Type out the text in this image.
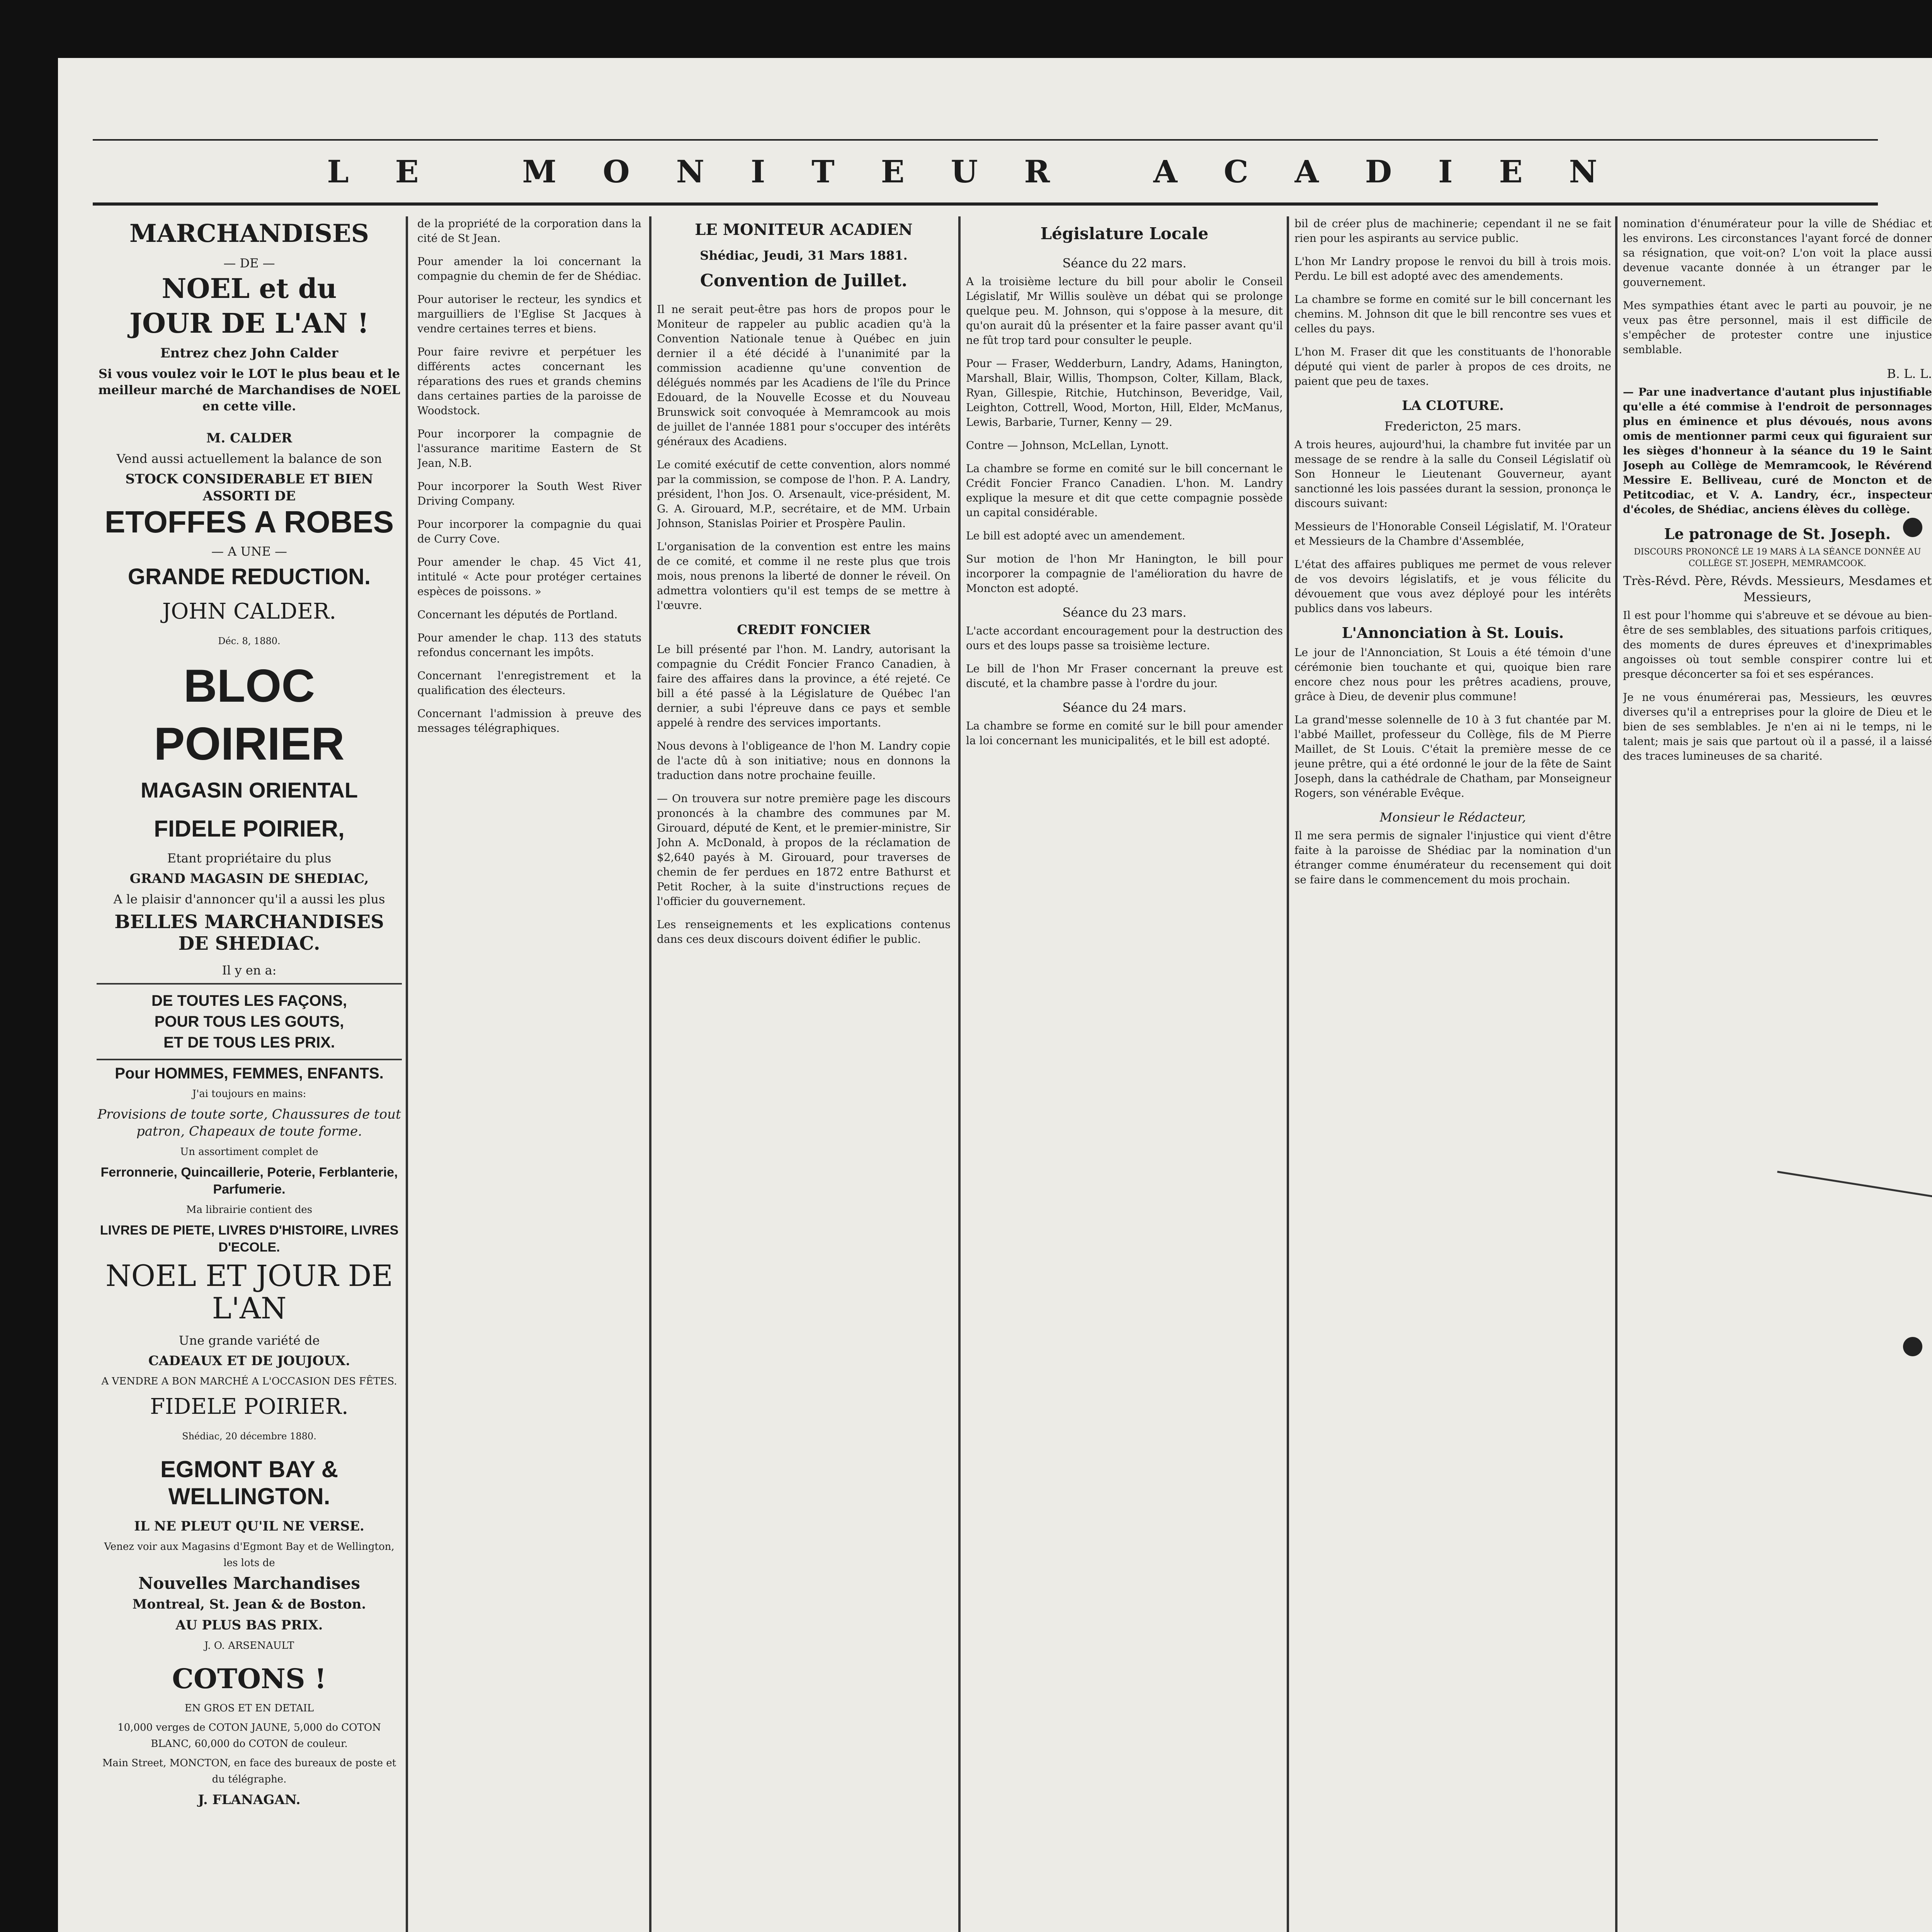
LE MONITEUR ACADIEN
MARCHANDISES
— DE —
NOEL et du
JOUR DE L'AN !
Entrez chez John Calder
Si vous voulez voir le LOT le plus beau et le meilleur marché de Marchandises de NOEL en cette ville.
M. CALDER
Vend aussi actuellement la balance de son
STOCK CONSIDERABLE ET BIEN ASSORTI DE
ETOFFES A ROBES
— A UNE —
GRANDE REDUCTION.
JOHN CALDER.
Déc. 8, 1880.
BLOC
POIRIER
MAGASIN ORIENTAL
FIDELE POIRIER,
Etant propriétaire du plus
GRAND MAGASIN DE SHEDIAC,
A le plaisir d'annoncer qu'il a aussi les plus
BELLES MARCHANDISES DE SHEDIAC.
Il y en a:
DE TOUTES LES FAÇONS,
POUR TOUS LES GOUTS,
ET DE TOUS LES PRIX.
Pour HOMMES, FEMMES, ENFANTS.
J'ai toujours en mains:
Provisions de toute sorte, Chaussures de tout patron, Chapeaux de toute forme.
Un assortiment complet de
Ferronnerie, Quincaillerie, Poterie, Ferblanterie, Parfumerie.
Ma librairie contient des
LIVRES DE PIETE, LIVRES D'HISTOIRE, LIVRES D'ECOLE.
NOEL ET JOUR DE L'AN
Une grande variété de
CADEAUX ET DE JOUJOUX.
A VENDRE A BON MARCHÉ A L'OCCASION DES FÊTES.
FIDELE POIRIER.
Shédiac, 20 décembre 1880.
EGMONT BAY & WELLINGTON.
IL NE PLEUT QU'IL NE VERSE.
Venez voir aux Magasins d'Egmont Bay et de Wellington, les lots de
Nouvelles Marchandises
Montreal, St. Jean & de Boston.
AU PLUS BAS PRIX.
J. O. ARSENAULT
COTONS !
EN GROS ET EN DETAIL
10,000 verges de COTON JAUNE, 5,000 do COTON BLANC, 60,000 do COTON de couleur.
Main Street, MONCTON, en face des bureaux de poste et du télégraphe.
J. FLANAGAN.

de la propriété de la corporation dans la cité de St Jean.

Pour amender la loi concernant la compagnie du chemin de fer de Shédiac.

Pour autoriser le recteur, les syndics et marguilliers de l'Eglise St Jacques à vendre certaines terres et biens.

Pour faire revivre et perpétuer les différents actes concernant les réparations des rues et grands chemins dans certaines parties de la paroisse de Woodstock.

Pour incorporer la compagnie de l'assurance maritime Eastern de St Jean, N.B.

Pour incorporer la South West River Driving Company.

Pour incorporer la compagnie du quai de Curry Cove.

Pour amender le chap. 45 Vict 41, intitulé « Acte pour protéger certaines espèces de poissons. »

Concernant les députés de Portland.

Pour amender le chap. 113 des statuts refondus concernant les impôts.

Concernant l'enregistrement et la qualification des électeurs.

Concernant l'admission à preuve des messages télégraphiques.

LE MONITEUR ACADIEN
Shédiac, Jeudi, 31 Mars 1881.
Convention de Juillet.

Il ne serait peut-être pas hors de propos pour le Moniteur de rappeler au public acadien qu'à la Convention Nationale tenue à Québec en juin dernier il a été décidé à l'unanimité par la commission acadienne qu'une convention de délégués nommés par les Acadiens de l'île du Prince Edouard, de la Nouvelle Ecosse et du Nouveau Brunswick soit convoquée à Memramcook au mois de juillet de l'année 1881 pour s'occuper des intérêts généraux des Acadiens.

Le comité exécutif de cette convention, alors nommé par la commission, se compose de l'hon. P. A. Landry, président, l'hon Jos. O. Arsenault, vice-président, M. G. A. Girouard, M.P., secrétaire, et de MM. Urbain Johnson, Stanislas Poirier et Prospère Paulin.

L'organisation de la convention est entre les mains de ce comité, et comme il ne reste plus que trois mois, nous prenons la liberté de donner le réveil. On admettra volontiers qu'il est temps de se mettre à l'œuvre.

CREDIT FONCIER

Le bill présenté par l'hon. M. Landry, autorisant la compagnie du Crédit Foncier Franco Canadien, à faire des affaires dans la province, a été rejeté. Ce bill a été passé à la Législature de Québec l'an dernier, a subi l'épreuve dans ce pays et semble appelé à rendre des services importants.

Nous devons à l'obligeance de l'hon M. Landry copie de l'acte dû à son initiative; nous en donnons la traduction dans notre prochaine feuille.

— On trouvera sur notre première page les discours prononcés à la chambre des communes par M. Girouard, député de Kent, et le premier-ministre, Sir John A. McDonald, à propos de la réclamation de $2,640 payés à M. Girouard, pour traverses de chemin de fer perdues en 1872 entre Bathurst et Petit Rocher, à la suite d'instructions reçues de l'officier du gouvernement.

Les renseignements et les explications contenus dans ces deux discours doivent édifier le public.

Législature Locale
Séance du 22 mars.

A la troisième lecture du bill pour abolir le Conseil Législatif, Mr Willis soulève un débat qui se prolonge quelque peu. M. Johnson, qui s'oppose à la mesure, dit qu'on aurait dû la présenter et la faire passer avant qu'il ne fût trop tard pour consulter le peuple.

Pour — Fraser, Wedderburn, Landry, Adams, Hanington, Marshall, Blair, Willis, Thompson, Colter, Killam, Black, Ryan, Gillespie, Ritchie, Hutchinson, Beveridge, Vail, Leighton, Cottrell, Wood, Morton, Hill, Elder, McManus, Lewis, Barbarie, Turner, Kenny — 29.

Contre — Johnson, McLellan, Lynott.

La chambre se forme en comité sur le bill concernant le Crédit Foncier Franco Canadien. L'hon. M. Landry explique la mesure et dit que cette compagnie possède un capital considérable.

Le bill est adopté avec un amendement.

Sur motion de l'hon Mr Hanington, le bill pour incorporer la compagnie de l'amélioration du havre de Moncton est adopté.

Séance du 23 mars.

L'acte accordant encouragement pour la destruction des ours et des loups passe sa troisième lecture.

Le bill de l'hon Mr Fraser concernant la preuve est discuté, et la chambre passe à l'ordre du jour.

Séance du 24 mars.

La chambre se forme en comité sur le bill pour amender la loi concernant les municipalités, et le bill est adopté.

bil de créer plus de machinerie; cependant il ne se fait rien pour les aspirants au service public.

L'hon Mr Landry propose le renvoi du bill à trois mois. Perdu. Le bill est adopté avec des amendements.

La chambre se forme en comité sur le bill concernant les chemins. M. Johnson dit que le bill rencontre ses vues et celles du pays.

L'hon M. Fraser dit que les constituants de l'honorable député qui vient de parler à propos de ces droits, ne paient que peu de taxes.

LA CLOTURE.
Fredericton, 25 mars.

A trois heures, aujourd'hui, la chambre fut invitée par un message de se rendre à la salle du Conseil Législatif où Son Honneur le Lieutenant Gouverneur, ayant sanctionné les lois passées durant la session, prononça le discours suivant:

Messieurs de l'Honorable Conseil Législatif, M. l'Orateur et Messieurs de la Chambre d'Assemblée,

L'état des affaires publiques me permet de vous relever de vos devoirs législatifs, et je vous félicite du dévouement que vous avez déployé pour les intérêts publics dans vos labeurs.

L'Annonciation à St. Louis.

Le jour de l'Annonciation, St Louis a été témoin d'une cérémonie bien touchante et qui, quoique bien rare encore chez nous pour les prêtres acadiens, prouve, grâce à Dieu, de devenir plus commune!

La grand'messe solennelle de 10 à 3 fut chantée par M. l'abbé Maillet, professeur du Collège, fils de M Pierre Maillet, de St Louis. C'était la première messe de ce jeune prêtre, qui a été ordonné le jour de la fête de Saint Joseph, dans la cathédrale de Chatham, par Monseigneur Rogers, son vénérable Evêque.

Monsieur le Rédacteur,

Il me sera permis de signaler l'injustice qui vient d'être faite à la paroisse de Shédiac par la nomination d'un étranger comme énumérateur du recensement qui doit se faire dans le commencement du mois prochain.

nomination d'énumérateur pour la ville de Shédiac et les environs. Les circonstances l'ayant forcé de donner sa résignation, que voit-on? L'on voit la place aussi devenue vacante donnée à un étranger par le gouvernement.

Mes sympathies étant avec le parti au pouvoir, je ne veux pas être personnel, mais il est difficile de s'empêcher de protester contre une injustice semblable.

B. L. L.

— Par une inadvertance d'autant plus injustifiable qu'elle a été commise à l'endroit de personnages plus en éminence et plus dévoués, nous avons omis de mentionner parmi ceux qui figuraient sur les sièges d'honneur à la séance du 19 le Saint Joseph au Collège de Memramcook, le Révérend Messire E. Belliveau, curé de Moncton et de Petitcodiac, et V. A. Landry, écr., inspecteur d'écoles, de Shédiac, anciens élèves du collège.

Le patronage de St. Joseph.
DISCOURS PRONONCÉ LE 19 MARS À LA SÉANCE DONNÉE AU COLLÈGE ST. JOSEPH, MEMRAMCOOK.
Très-Révd. Père, Révds. Messieurs, Mesdames et Messieurs,

Il est pour l'homme qui s'abreuve et se dévoue au bien-être de ses semblables, des situations parfois critiques, des moments de dures épreuves et d'inexprimables angoisses où tout semble conspirer contre lui et presque déconcerter sa foi et ses espérances.

Je ne vous énumérerai pas, Messieurs, les œuvres diverses qu'il a entreprises pour la gloire de Dieu et le bien de ses semblables. Je n'en ai ni le temps, ni le talent; mais je sais que partout où il a passé, il a laissé des traces lumineuses de sa charité.
